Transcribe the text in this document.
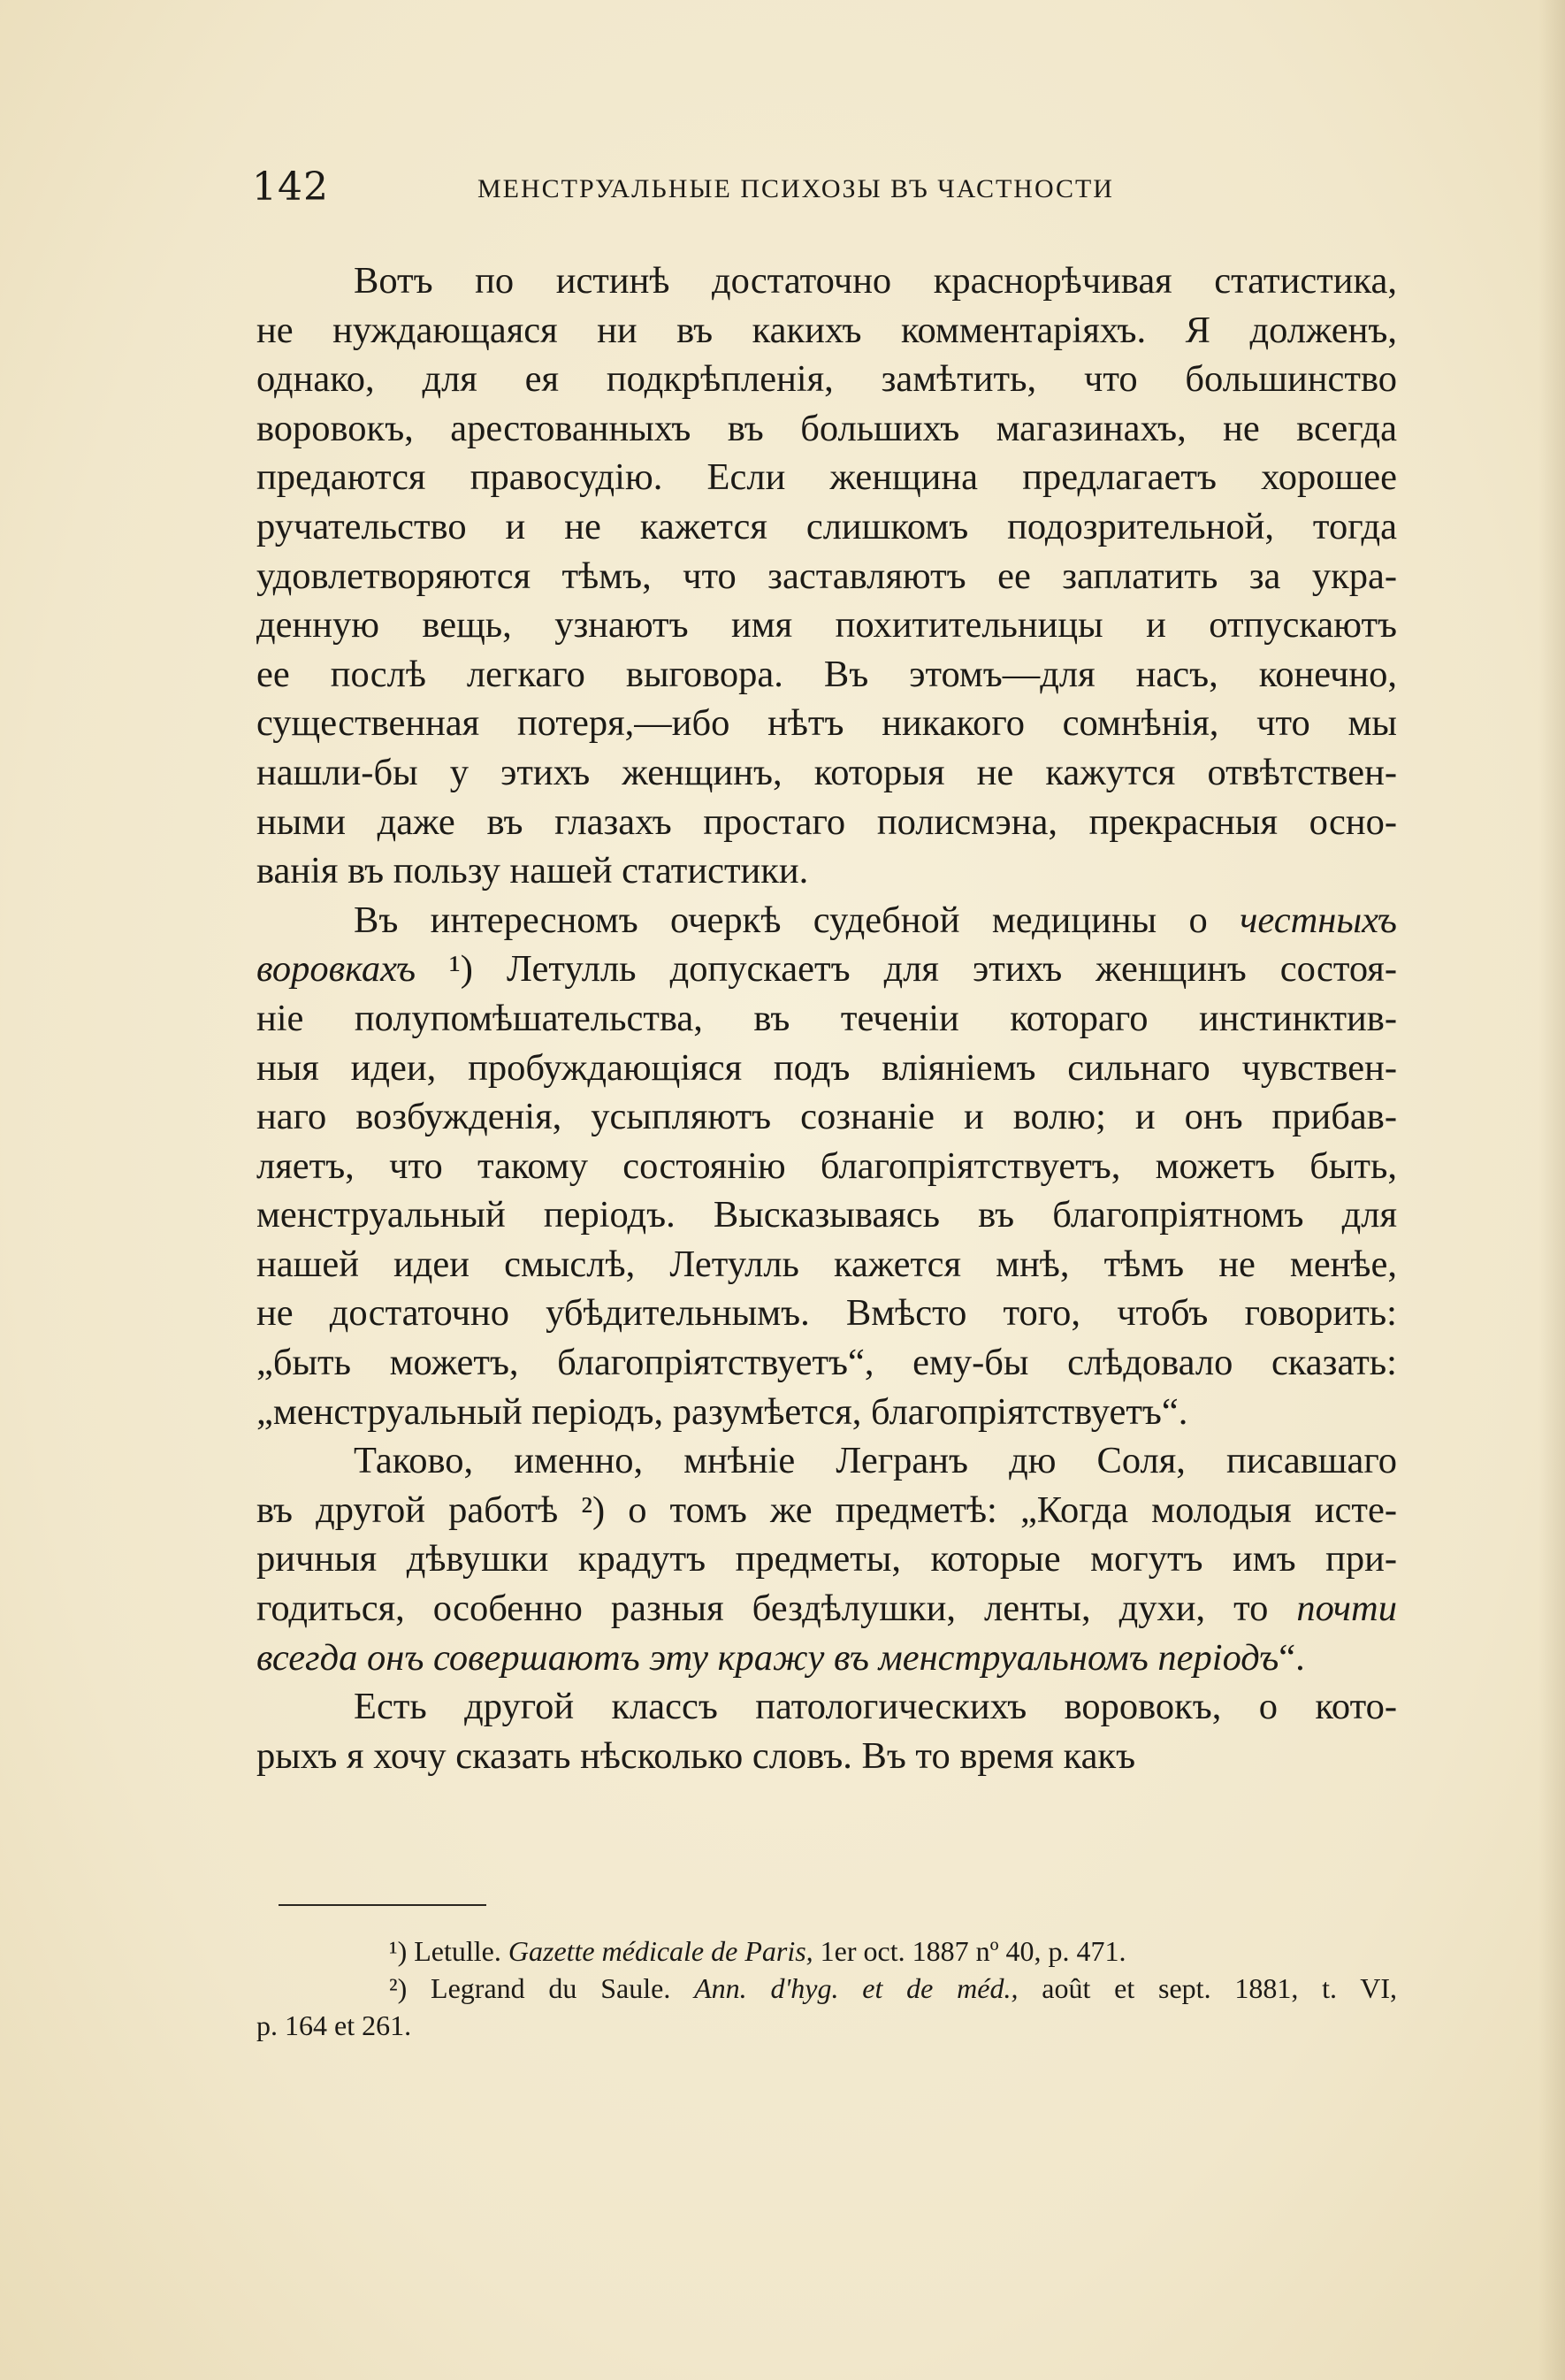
142	МЕНСТРУАЛЬНЫЕ ПСИХОЗЫ ВЪ ЧАСТНОСТИ
Вотъ по истинѣ достаточно краснорѣчивая статистика,
не нуждающаяся ни въ какихъ комментаріяхъ. Я долженъ,
однако, для ея подкрѣпленія, замѣтить, что большинство
воровокъ, арестованныхъ въ большихъ магазинахъ, не всегда
предаются правосудію. Если женщина предлагаетъ хорошее
ручательство и не кажется слишкомъ подозрительной, тогда
удовлетворяются тѣмъ, что заставляютъ ее заплатить за укра-
денную вещь, узнаютъ имя похитительницы и отпускаютъ
ее послѣ легкаго выговора. Въ этомъ—для насъ, конечно,
существенная потеря,—ибо нѣтъ никакого сомнѣнія, что мы
нашли-бы у этихъ женщинъ, которыя не кажутся отвѣтствен-
ными даже въ глазахъ простаго полисмэна, прекрасныя осно-
ванія въ пользу нашей статистики.
Въ интересномъ очеркѣ судебной медицины о честныхъ
воровкахъ ¹) Летулль допускаетъ для этихъ женщинъ состоя-
ніе полупомѣшательства, въ теченіи котораго инстинктив-
ныя идеи, пробуждающіяся подъ вліяніемъ сильнаго чувствен-
наго возбужденія, усыпляютъ сознаніе и волю; и онъ прибав-
ляетъ, что такому состоянію благопріятствуетъ, можетъ быть,
менструальный періодъ. Высказываясь въ благопріятномъ для
нашей идеи смыслѣ, Летулль кажется мнѣ, тѣмъ не менѣе,
не достаточно убѣдительнымъ. Вмѣсто того, чтобъ говорить:
„быть можетъ, благопріятствуетъ“, ему-бы слѣдовало сказать:
„менструальный періодъ, разумѣется, благопріятствуетъ“.
Таково, именно, мнѣніе Легранъ дю Соля, писавшаго
въ другой работѣ ²) о томъ же предметѣ: „Когда молодыя истe-
ричныя дѣвушки крадутъ предметы, которые могутъ имъ при-
годиться, особенно разныя бездѣлушки, ленты, духи, то почти
всегда онъ совершаютъ эту кражу въ менструальномъ періодъ“.
Есть другой классъ патологическихъ воровокъ, о кото-
рыхъ я хочу сказать нѣсколько словъ. Въ то время какъ
¹) Letulle. Gazette médicale de Paris, 1er oct. 1887 nº 40, p. 471.
²) Legrand du Saule. Ann. d'hyg. et de méd., août et sept. 1881, t. VI,
p. 164 et 261.
